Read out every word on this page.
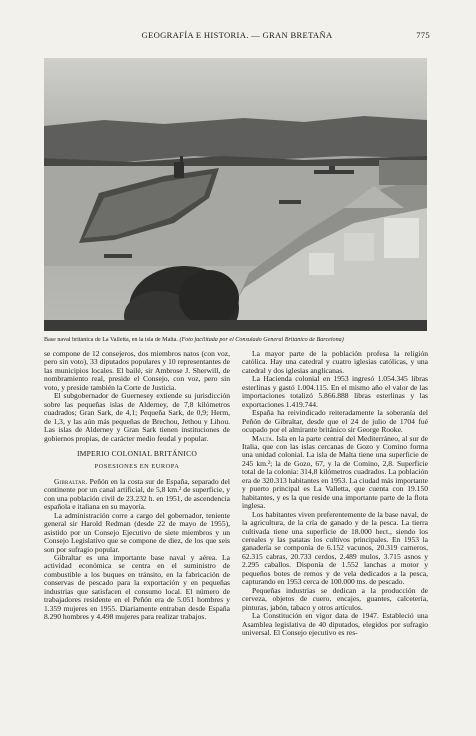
GEOGRAFÍA E HISTORIA. — GRAN BRETAÑA	775
Base naval británica de La Valletta, en la isla de Malta. (Foto facilitada por el Consulado General Británico de Barcelona)

se compone de 12 consejeros, dos miembros natos (con voz, pero sin voto), 33 diputados populares y 10 representantes de las municipios locales. El bailé, sir Ambrose J. Sherwill, de nombramiento real, preside el Consejo, con voz, pero sin voto, y preside también la Corte de Justicia.

El subgobernador de Guernesey extiende su jurisdicción sobre las pequeñas islas de Alderney, de 7,8 kilómetros cuadrados; Gran Sark, de 4,1; Pequeña Sark, de 0,9; Herm, de 1,3, y las aún más pequeñas de Brechou, Jethou y Lihou. Las islas de Alderney y Gran Sark tienen instituciones de gobiernos propias, de carácter medio feudal y popular.

IMPERIO COLONIAL BRITÁNICO
POSESIONES EN EUROPA

Gibraltar. Peñón en la costa sur de España, separado del continente por un canal artificial, de 5,8 km.² de superficie, y con una población civil de 23.232 h. en 1951, de ascendencia española e italiana en su mayoría.

La administración corre a cargo del gobernador, teniente general sir Harold Redman (desde 22 de mayo de 1955), asistido por un Consejo Ejecutivo de siete miembros y un Consejo Legislativo que se compone de diez, de los que seis son por sufragio popular.

Gibraltar es una importante base naval y aérea. La actividad económica se centra en el suministro de combustible a los buques en tránsito, en la fabricación de conservas de pescado para la exportación y en pequeñas industrias que satisfacen el consumo local. El número de trabajadores residente en el Peñón era de 5.051 hombres y 1.359 mujeres en 1955. Diariamente entraban desde España 8.290 hombres y 4.498 mujeres para realizar trabajos.

La mayor parte de la población profesa la religión católica. Hay una catedral y cuatro iglesias católicas, y una catedral y dos iglesias anglicanas.

La Hacienda colonial en 1953 ingresó 1.054.345 libras esterlinas y gastó 1.004.115. En el mismo año el valor de las importaciones totalizó 5.866.888 libras esterlinas y las exportaciones 1.419.744.

España ha reivindicado reiteradamente la soberanía del Peñón de Gibraltar, desde que el 24 de julio de 1704 fué ocupado por el almirante británico sir George Rooke.

Malta. Isla en la parte central del Mediterráneo, al sur de Italia, que con las islas cercanas de Gozo y Comino forma una unidad colonial. La isla de Malta tiene una superficie de 245 km.²; la de Gozo, 67, y la de Comino, 2,8. Superficie total de la colonia: 314,8 kilómetros cuadrados. La población era de 320.313 habitantes en 1953. La ciudad más importante y puerto principal es La Valletta, que cuenta con 19.150 habitantes, y es la que reside una importante parte de la flota inglesa.

Los habitantes viven preferentemente de la base naval, de la agricultura, de la cría de ganado y de la pesca. La tierra cultivada tiene una superficie de 18.000 hect., siendo los cereales y las patatas los cultivos principales. En 1953 la ganadería se componía de 6.152 vacunos, 20.319 carneros, 62.315 cabras, 20.733 cerdos, 2.489 mulos, 3.715 asnos y 2.295 caballos. Disponía de 1.552 lanchas a motor y pequeños botes de remos y de vela dedicados a la pesca, capturando en 1953 cerca de 100.000 tns. de pescado.

Pequeñas industrias se dedican a la producción de cerveza, objetos de cuero, encajes, guantes, calcetería, pinturas, jabón, tabaco y otros artículos.

La Constitución en vigor data de 1947. Estableció una Asamblea legislativa de 40 diputados, elegidos por sufragio universal. El Consejo ejecutivo es res-
